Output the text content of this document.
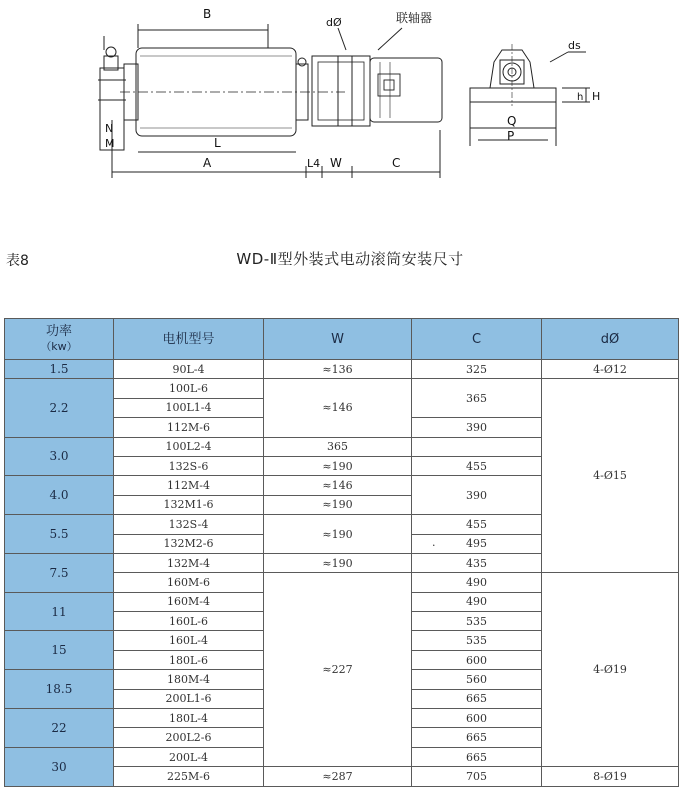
B
dØ	联轴器
ds
h H
Q
P
N
M	L
A	L4 W	C
表8	WD-Ⅱ型外装式电动滚筒安装尺寸
功率
（kw）	电机型号	W	C	dØ
1.5	90L-4	≈136	325	4-Ø12
2.2	100L-6	≈146	365	4-Ø15
	100L1-4			
	112M-6		390	
3.0	100L2-4	365		
	132S-6	≈190	455	
4.0	112M-4	≈146	390	
	132M1-6	≈190		
5.5	132S-4	≈190	455	
	132M2-6		. 495	
7.5	132M-4	≈190	435	
	160M-6	≈227	490	4-Ø19
11	160M-4		490	
	160L-6		535	
15	160L-4		535	
	180L-6		600	
18.5	180M-4		560	
	200L1-6		665	
22	180L-4		600	
	200L2-6		665	
30	200L-4		665	
	225M-6	≈287	705	8-Ø19
